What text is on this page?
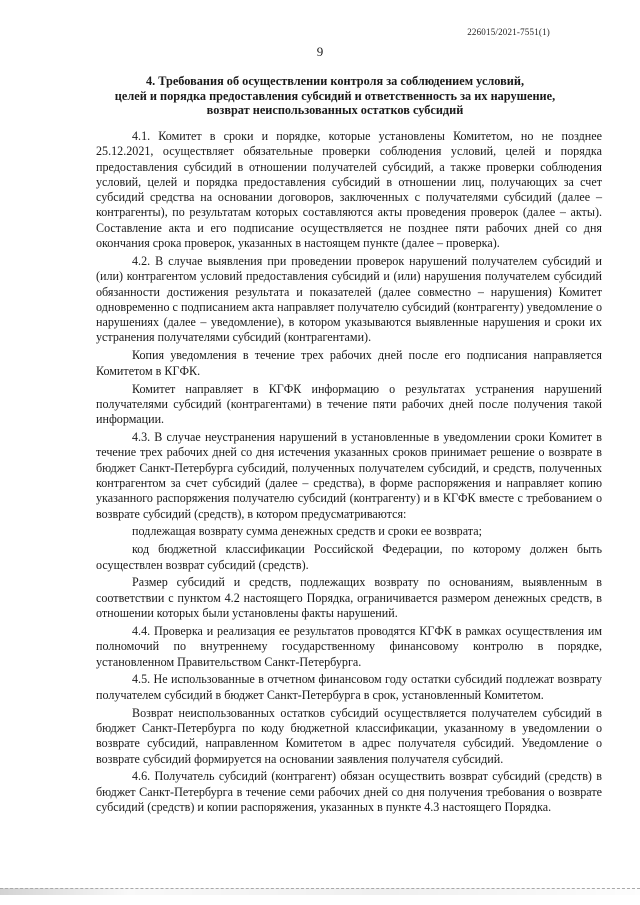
226015/2021-7551(1)
9
4. Требования об осуществлении контроля за соблюдением условий,
целей и порядка предоставления субсидий и ответственность за их нарушение,
возврат неиспользованных остатков субсидий

4.1. Комитет в сроки и порядке, которые установлены Комитетом, но не позднее 25.12.2021, осуществляет обязательные проверки соблюдения условий, целей и порядка предоставления субсидий в отношении получателей субсидий, а также проверки соблюдения условий, целей и порядка предоставления субсидий в отношении лиц, получающих за счет субсидий средства на основании договоров, заключенных с получателями субсидий (далее – контрагенты), по результатам которых составляются акты проведения проверок (далее – акты). Составление акта и его подписание осуществляется не позднее пяти рабочих дней со дня окончания срока проверок, указанных в настоящем пункте (далее – проверка).

4.2. В случае выявления при проведении проверок нарушений получателем субсидий и (или) контрагентом условий предоставления субсидий и (или) нарушения получателем субсидий обязанности достижения результата и показателей (далее совместно – нарушения) Комитет одновременно с подписанием акта направляет получателю субсидий (контрагенту) уведомление о нарушениях (далее – уведомление), в котором указываются выявленные нарушения и сроки их устранения получателями субсидий (контрагентами).

Копия уведомления в течение трех рабочих дней после его подписания направляется Комитетом в КГФК.

Комитет направляет в КГФК информацию о результатах устранения нарушений получателями субсидий (контрагентами) в течение пяти рабочих дней после получения такой информации.

4.3. В случае неустранения нарушений в установленные в уведомлении сроки Комитет в течение трех рабочих дней со дня истечения указанных сроков принимает решение о возврате в бюджет Санкт-Петербурга субсидий, полученных получателем субсидий, и средств, полученных контрагентом за счет субсидий (далее – средства), в форме распоряжения и направляет копию указанного распоряжения получателю субсидий (контрагенту) и в КГФК вместе с требованием о возврате субсидий (средств), в котором предусматриваются:

подлежащая возврату сумма денежных средств и сроки ее возврата;

код бюджетной классификации Российской Федерации, по которому должен быть осуществлен возврат субсидий (средств).

Размер субсидий и средств, подлежащих возврату по основаниям, выявленным в соответствии с пунктом 4.2 настоящего Порядка, ограничивается размером денежных средств, в отношении которых были установлены факты нарушений.

4.4. Проверка и реализация ее результатов проводятся КГФК в рамках осуществления им полномочий по внутреннему государственному финансовому контролю в порядке, установленном Правительством Санкт-Петербурга.

4.5. Не использованные в отчетном финансовом году остатки субсидий подлежат возврату получателем субсидий в бюджет Санкт-Петербурга в срок, установленный Комитетом.

Возврат неиспользованных остатков субсидий осуществляется получателем субсидий в бюджет Санкт-Петербурга по коду бюджетной классификации, указанному в уведомлении о возврате субсидий, направленном Комитетом в адрес получателя субсидий. Уведомление о возврате субсидий формируется на основании заявления получателя субсидий.

4.6. Получатель субсидий (контрагент) обязан осуществить возврат субсидий (средств) в бюджет Санкт-Петербурга в течение семи рабочих дней со дня получения требования о возврате субсидий (средств) и копии распоряжения, указанных в пункте 4.3 настоящего Порядка.
